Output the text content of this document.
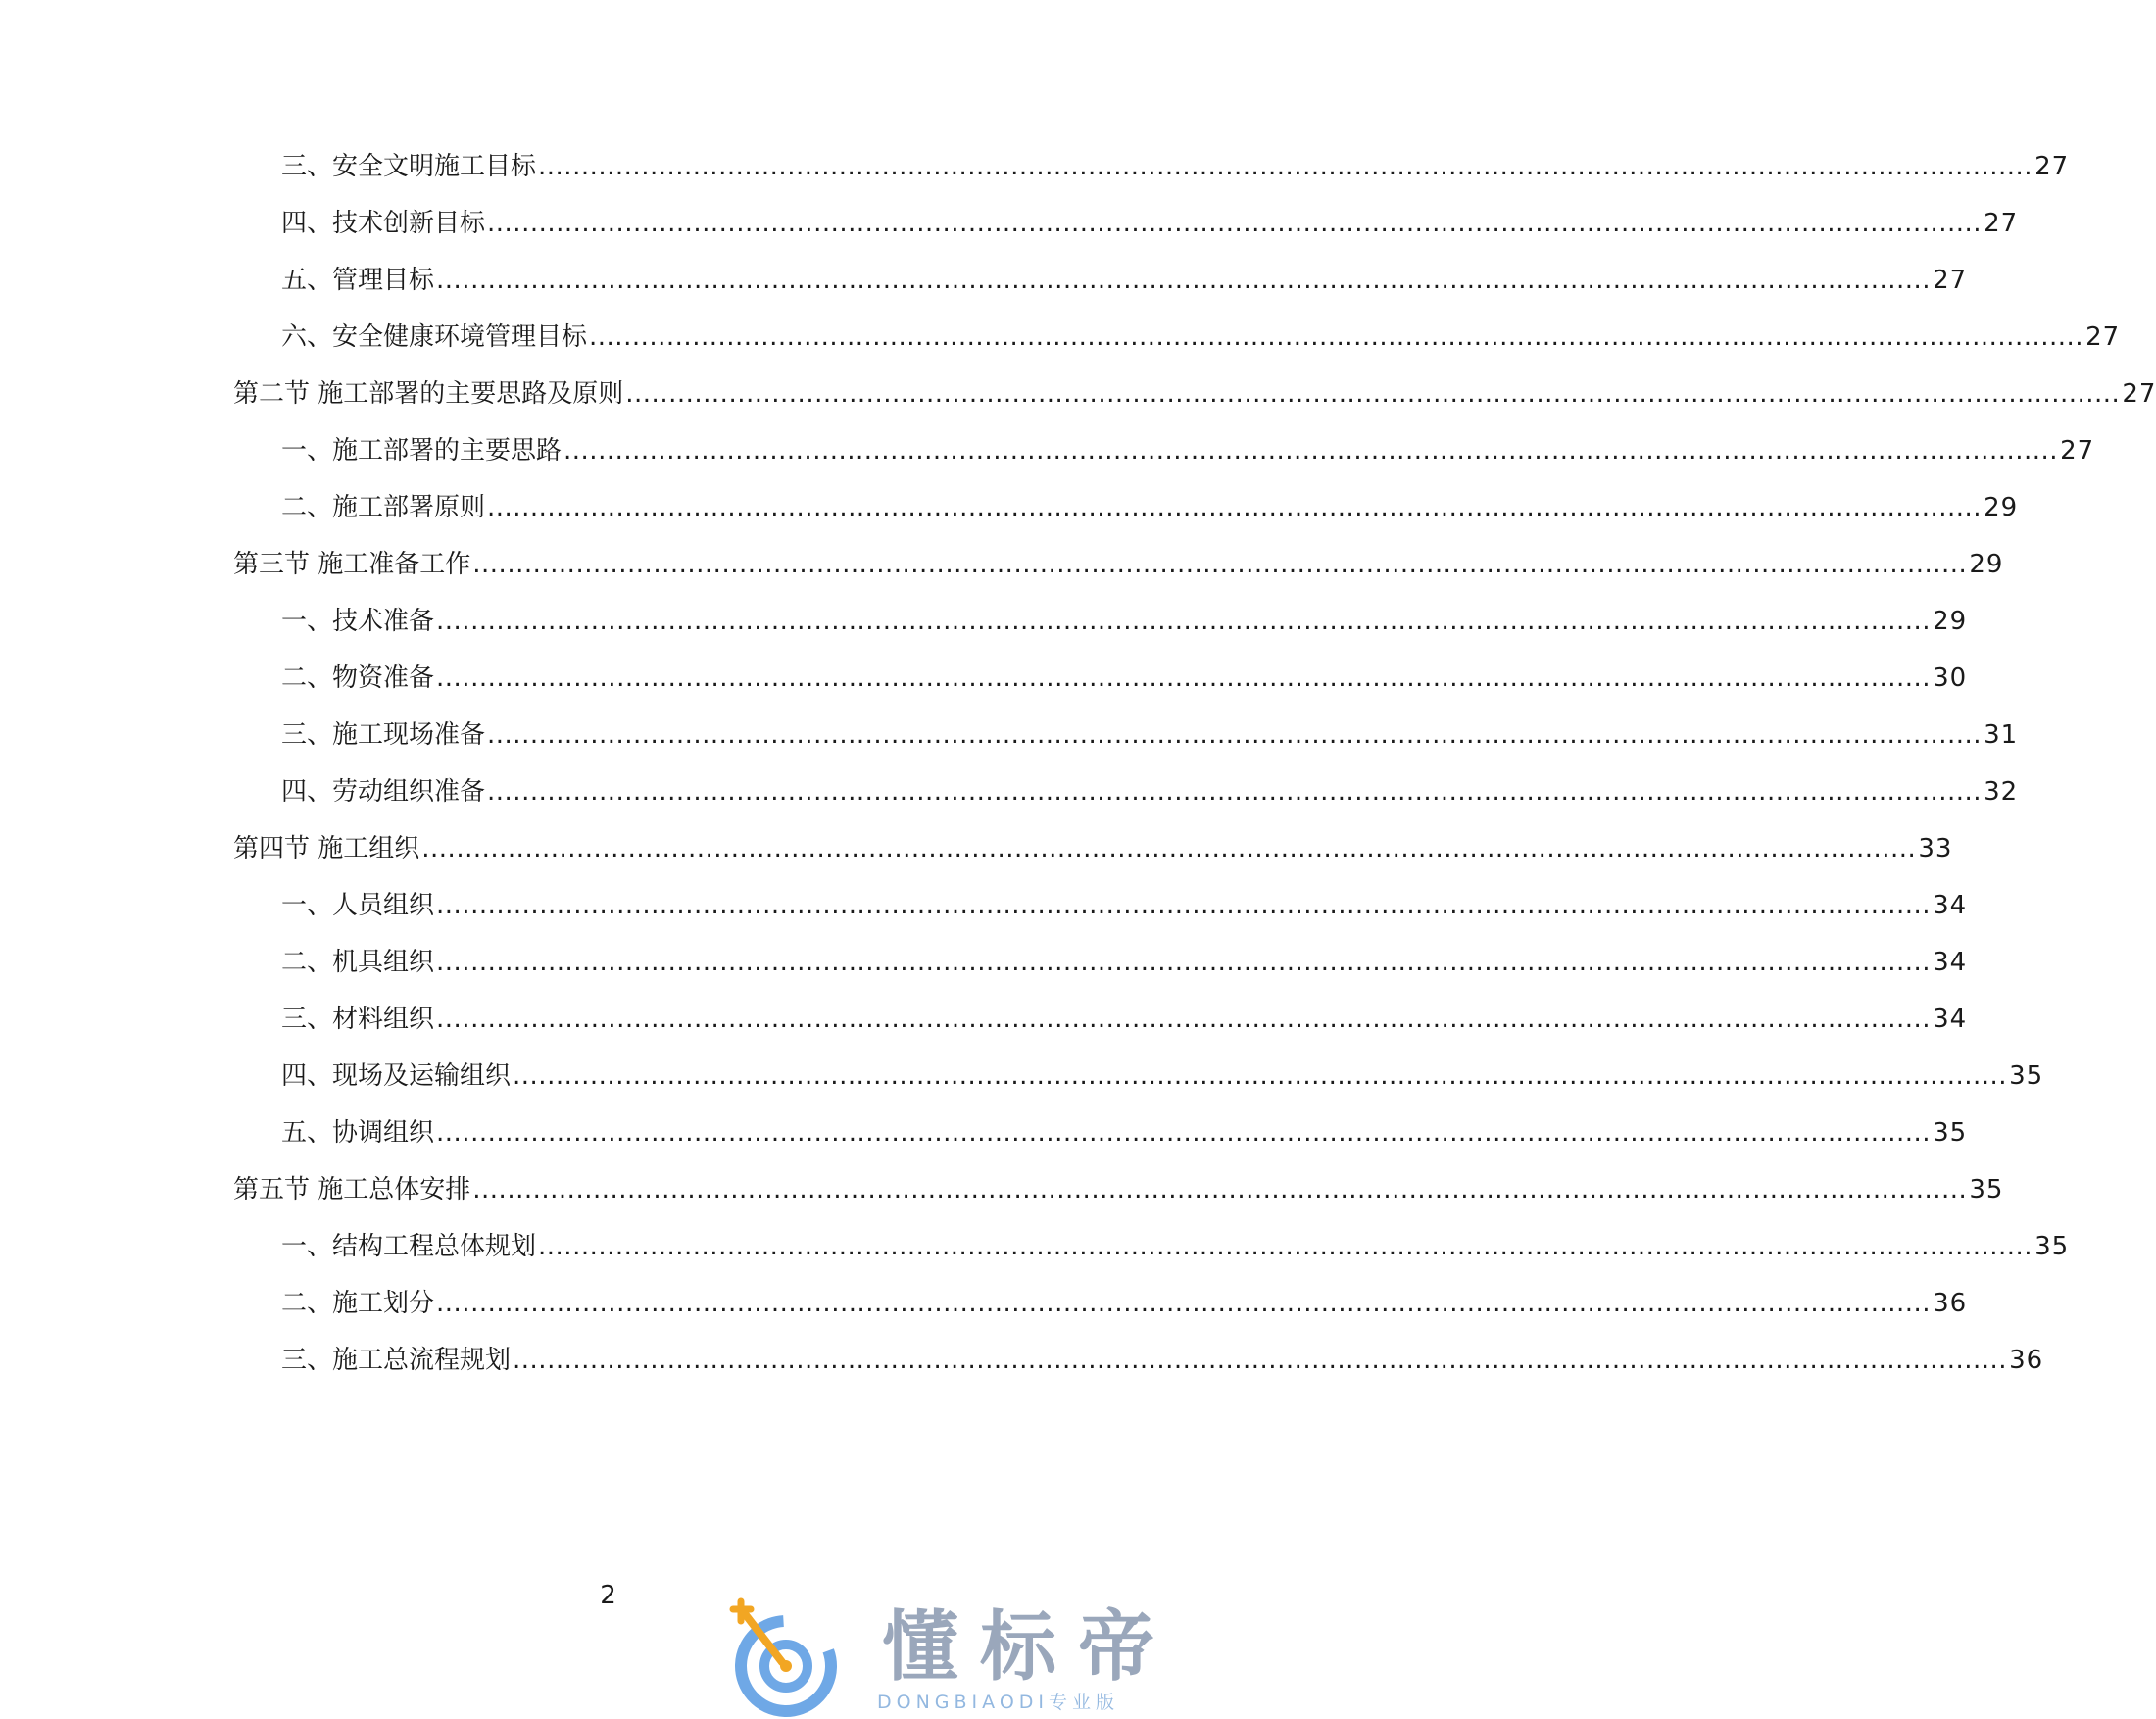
三、安全文明施工目标 .............................................................................................................................................................................. 27
四、技术创新目标 .............................................................................................................................................................................. 27
五、管理目标 .............................................................................................................................................................................. 27
六、安全健康环境管理目标 .............................................................................................................................................................................. 27
第二节 施工部署的主要思路及原则 .............................................................................................................................................................................. 27
一、施工部署的主要思路 .............................................................................................................................................................................. 27
二、施工部署原则 .............................................................................................................................................................................. 29
第三节 施工准备工作 .............................................................................................................................................................................. 29
一、技术准备 .............................................................................................................................................................................. 29
二、物资准备 .............................................................................................................................................................................. 30
三、施工现场准备 .............................................................................................................................................................................. 31
四、劳动组织准备 .............................................................................................................................................................................. 32
第四节 施工组织 .............................................................................................................................................................................. 33
一、人员组织 .............................................................................................................................................................................. 34
二、机具组织 .............................................................................................................................................................................. 34
三、材料组织 .............................................................................................................................................................................. 34
四、现场及运输组织 .............................................................................................................................................................................. 35
五、协调组织 .............................................................................................................................................................................. 35
第五节 施工总体安排 .............................................................................................................................................................................. 35
一、结构工程总体规划 .............................................................................................................................................................................. 35
二、施工划分 .............................................................................................................................................................................. 36
三、施工总流程规划 .............................................................................................................................................................................. 36
2
懂标帝
DONGBIAODI专业版
